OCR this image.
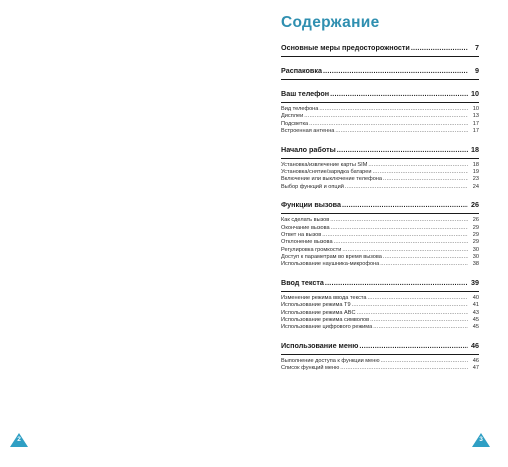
Содержание
Основные меры предосторожности .....	7
Распаковка .....	9
Ваш телефон .....	10
Вид телефона .....	10
Дисплеи .....	13
Подсветка .....	17
Встроенная антенна .....	17
Начало работы .....	18
Установка/извлечение карты SIM .....	18
Установка/снятие/зарядка батареи .....	19
Включение или выключение телефона .....	23
Выбор функций и опций .....	24
Функции вызова .....	26
Как сделать вызов .....	26
Окончание вызова .....	29
Ответ на вызов .....	29
Отклонение вызова .....	29
Регулировка громкости .....	30
Доступ к параметрам во время вызова .....	30
Использование наушника-микрофона .....	38
Ввод текста .....	39
Изменение режима ввода текста .....	40
Использование режима T9 .....	41
Использование режима ABC .....	43
Использование режима символов .....	45
Использование цифрового режима .....	45
Использование меню .....	46
Выполнение доступа к функции меню .....	46
Список функций меню .....	47
2	3
